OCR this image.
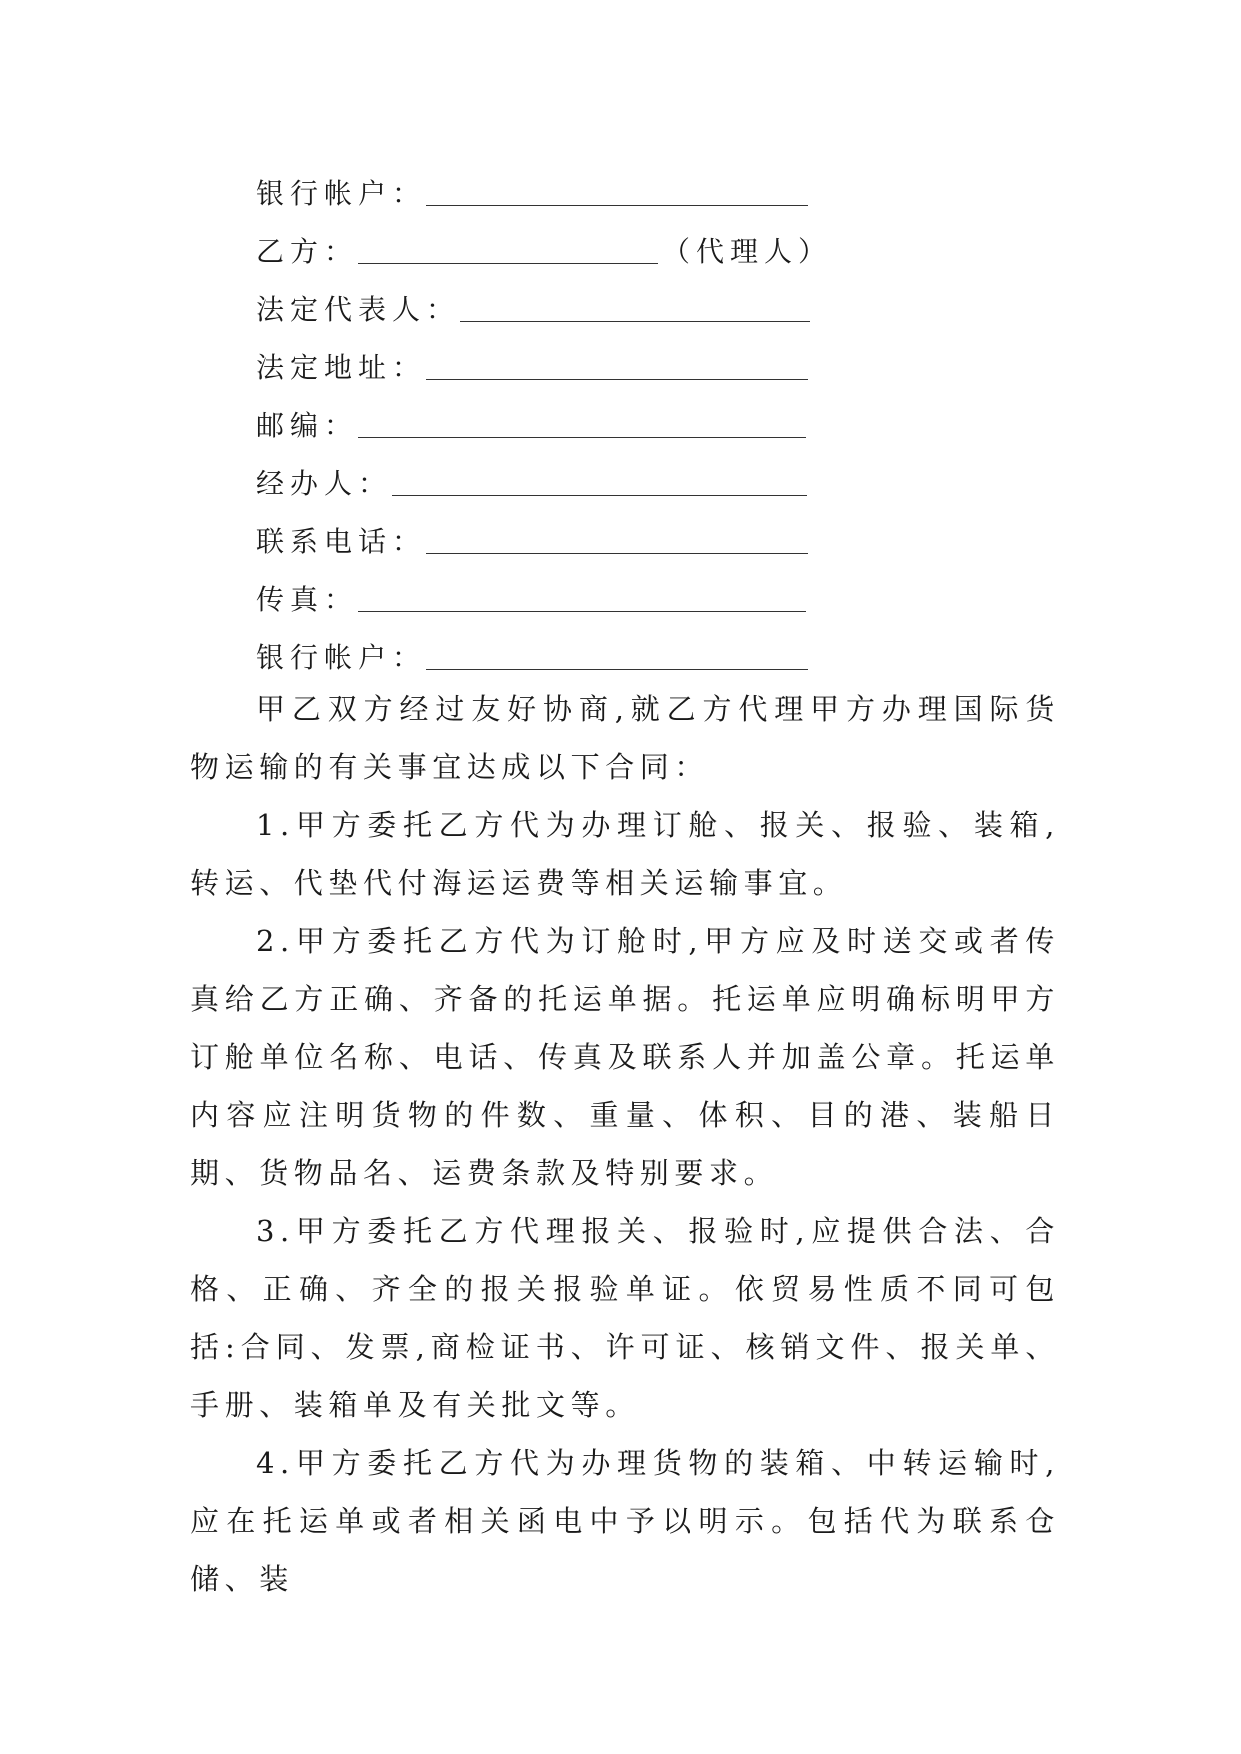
银行帐户：
乙方：	（代理人）
法定代表人：
法定地址：
邮编：
经办人：
联系电话：
传真：
银行帐户：

甲乙双方经过友好协商,就乙方代理甲方办理国际货物运输的有关事宜达成以下合同：

1.甲方委托乙方代为办理订舱、报关、报验、装箱,转运、代垫代付海运运费等相关运输事宜。

2.甲方委托乙方代为订舱时,甲方应及时送交或者传真给乙方正确、齐备的托运单据。托运单应明确标明甲方订舱单位名称、电话、传真及联系人并加盖公章。托运单内容应注明货物的件数、重量、体积、目的港、装船日期、货物品名、运费条款及特别要求。

3.甲方委托乙方代理报关、报验时,应提供合法、合格、正确、齐全的报关报验单证。依贸易性质不同可包括:合同、发票,商检证书、许可证、核销文件、报关单、手册、装箱单及有关批文等。

4.甲方委托乙方代为办理货物的装箱、中转运输时,应在托运单或者相关函电中予以明示。包括代为联系仓储、装
